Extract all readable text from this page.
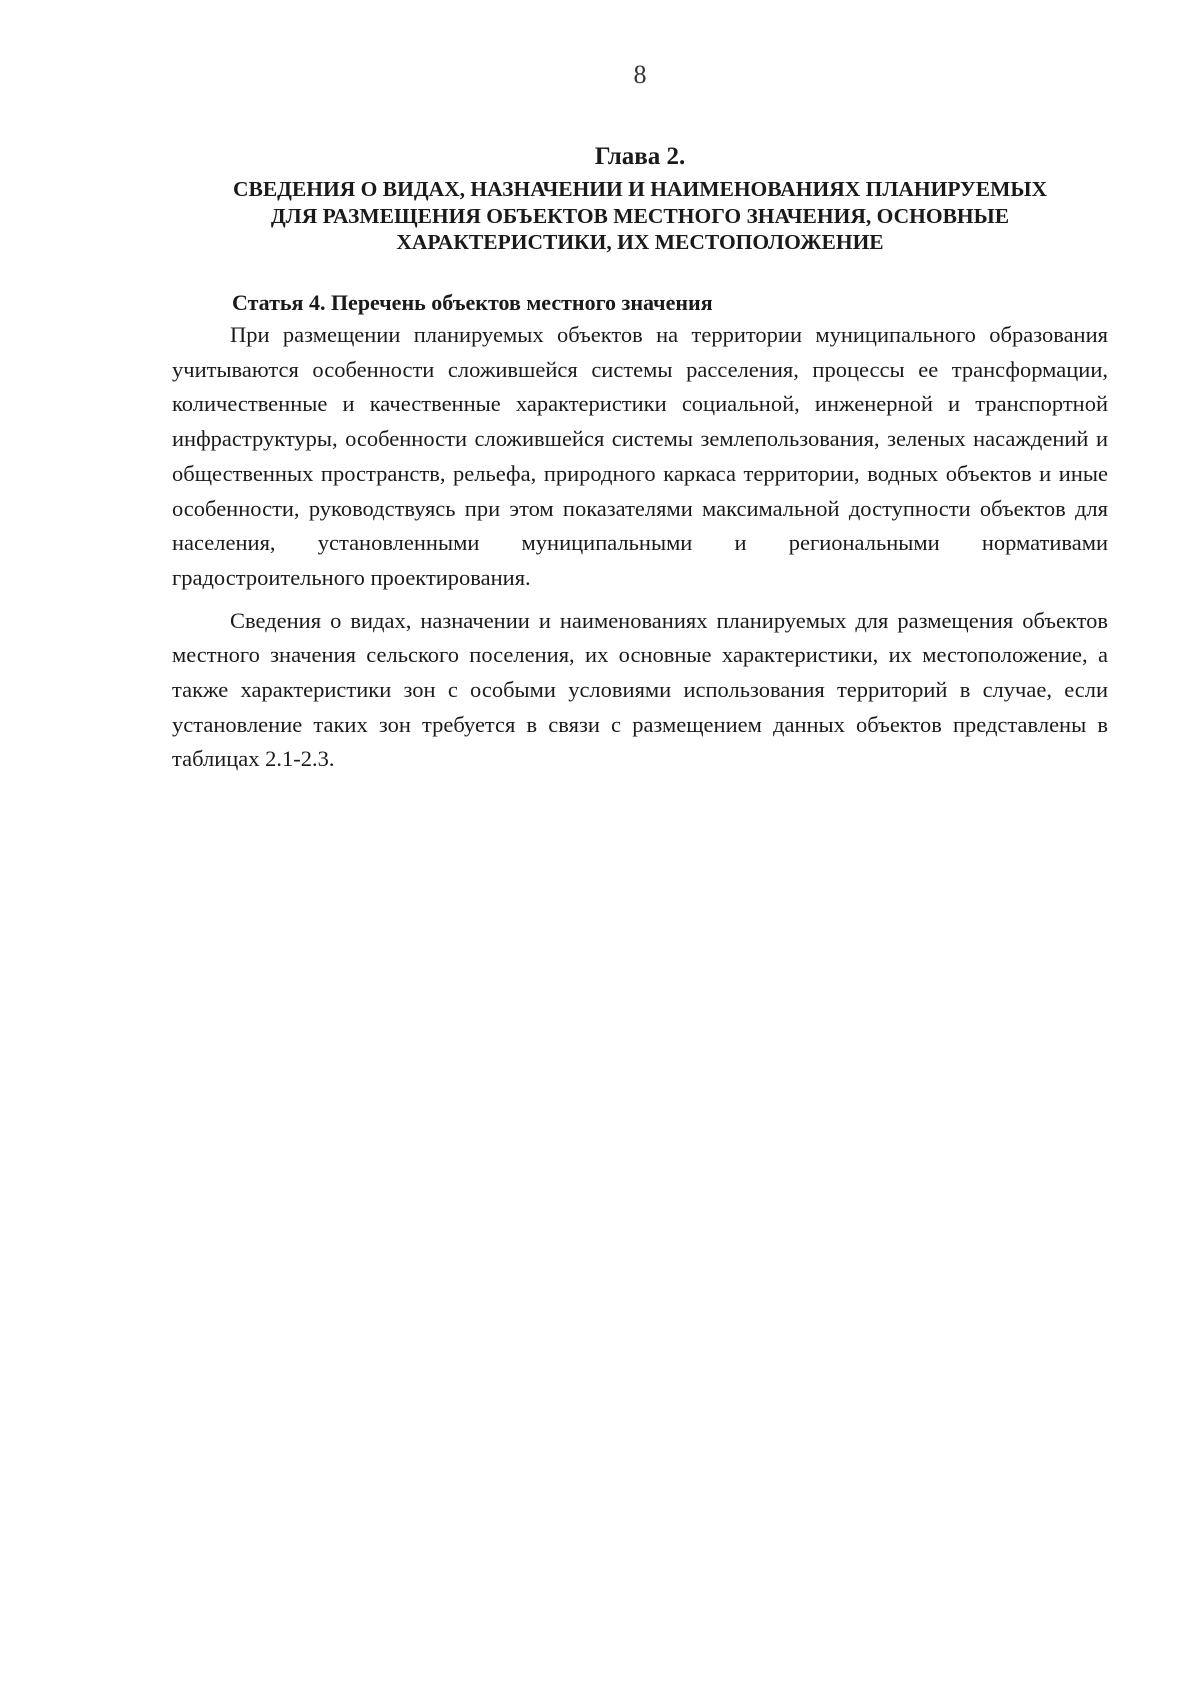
8
Глава 2.
СВЕДЕНИЯ О ВИДАХ, НАЗНАЧЕНИИ И НАИМЕНОВАНИЯХ ПЛАНИРУЕМЫХ
ДЛЯ РАЗМЕЩЕНИЯ ОБЪЕКТОВ МЕСТНОГО ЗНАЧЕНИЯ, ОСНОВНЫЕ
ХАРАКТЕРИСТИКИ, ИХ МЕСТОПОЛОЖЕНИЕ
Статья 4. Перечень объектов местного значения

При размещении планируемых объектов на территории муниципального образования учитываются особенности сложившейся системы расселения, процессы ее трансформации, количественные и качественные характеристики социальной, инженерной и транспортной инфраструктуры, особенности сложившейся системы землепользования, зеленых насаждений и общественных пространств, рельефа, природного каркаса территории, водных объектов и иные особенности, руководствуясь при этом показателями максимальной доступности объектов для населения, установленными муниципальными и региональными нормативами градостроительного проектирования.

Сведения о видах, назначении и наименованиях планируемых для размещения объектов местного значения сельского поселения, их основные характеристики, их местоположение, а также характеристики зон с особыми условиями использования территорий в случае, если установление таких зон требуется в связи с размещением данных объектов представлены в таблицах 2.1-2.3.
